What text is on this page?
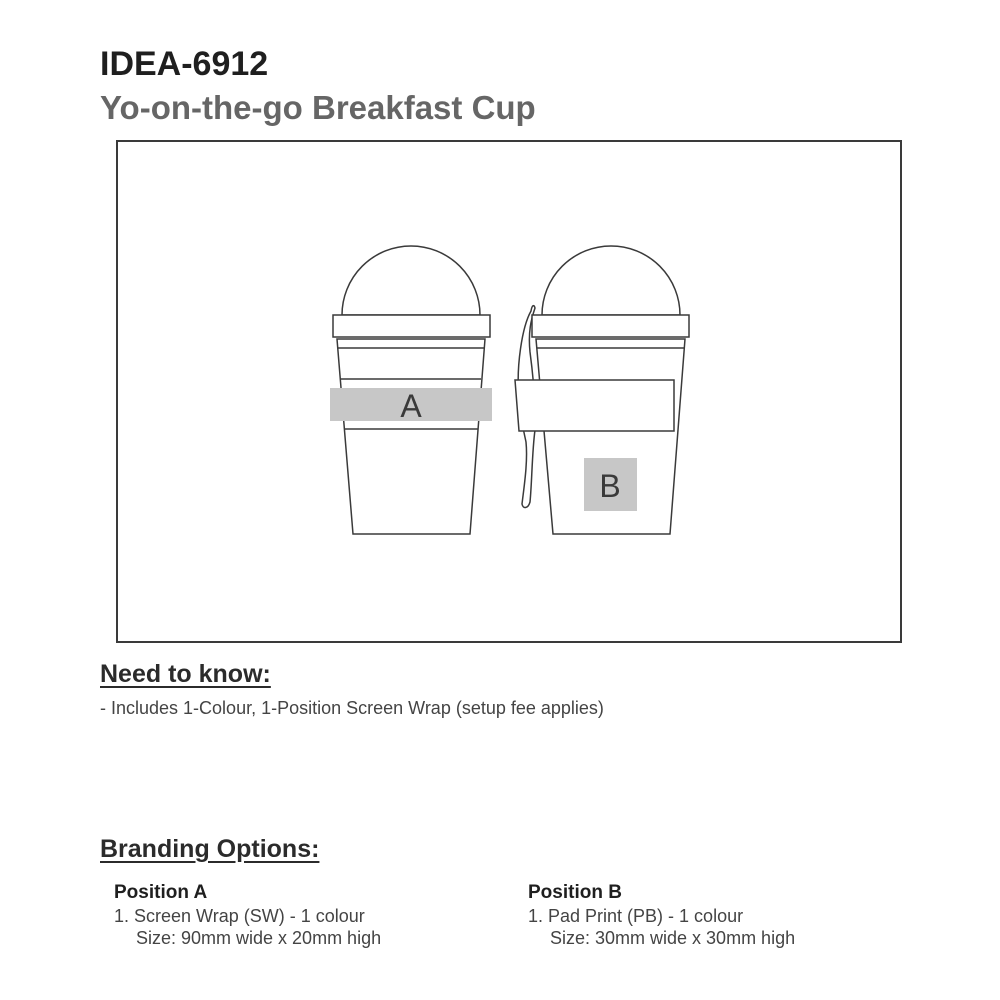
IDEA-6912
Yo-on-the-go Breakfast Cup
A
B
Need to know:
- Includes 1-Colour, 1-Position Screen Wrap (setup fee applies)
Branding Options:
Position A
1. Screen Wrap (SW) - 1 colour
Size: 90mm wide x 20mm high
Position B
1. Pad Print (PB) - 1 colour
Size: 30mm wide x 30mm high
